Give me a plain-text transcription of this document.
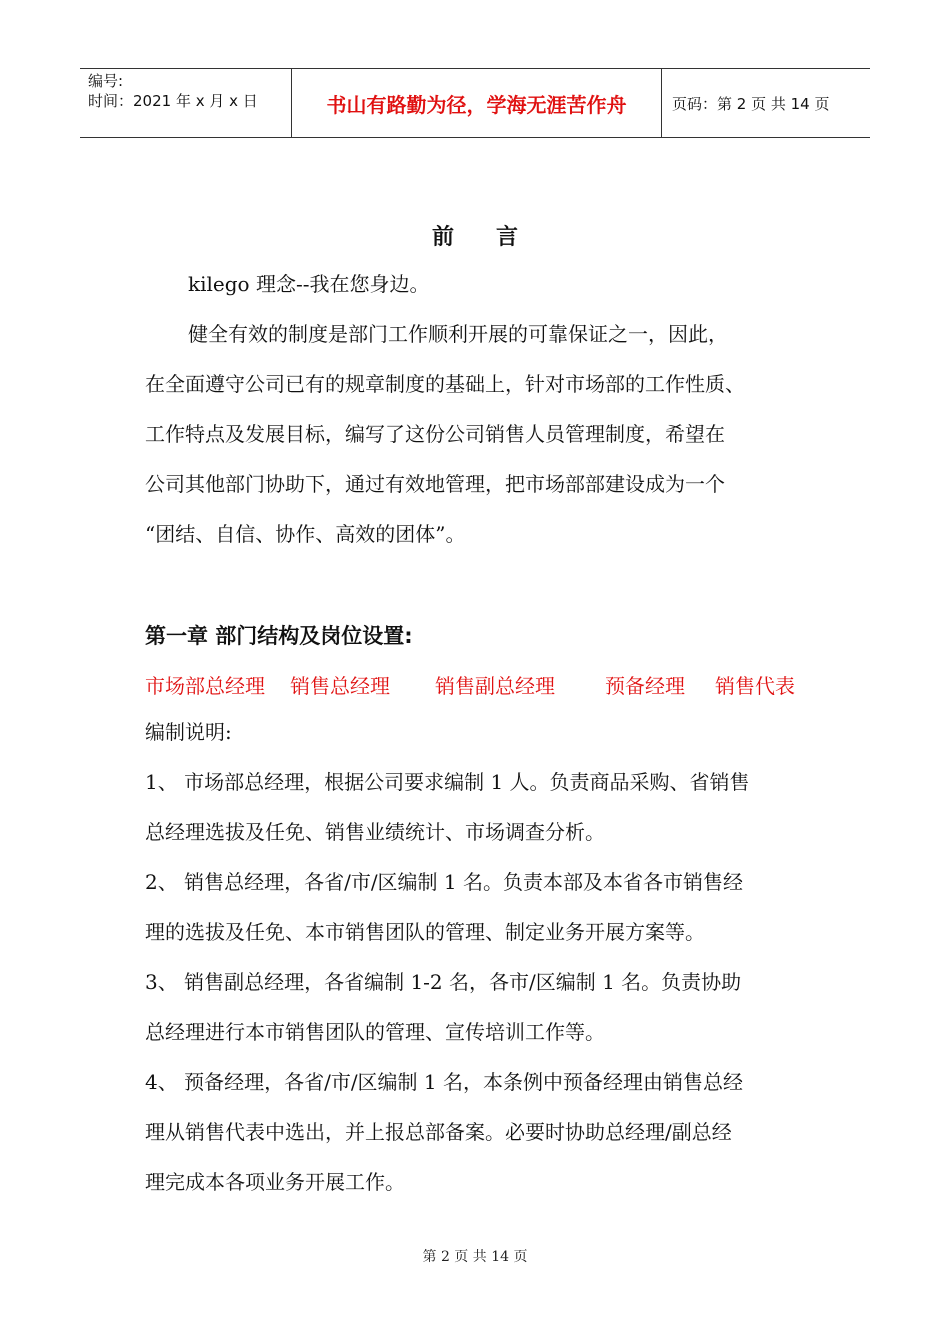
编号:
时间：2021 年 x 月 x 日	书山有路勤为径，学海无涯苦作舟	页码：第 2 页 共 14 页
前言
kilego 理念--我在您身边。
健全有效的制度是部门工作顺利开展的可靠保证之一，因此，
在全面遵守公司已有的规章制度的基础上，针对市场部的工作性质、
工作特点及发展目标，编写了这份公司销售人员管理制度，希望在
公司其他部门协助下，通过有效地管理，把市场部部建设成为一个
“团结、自信、协作、高效的团体”。
第一章 部门结构及岗位设置:
市场部总经理 销售总经理 销售副总经理	预备经理 销售代表
编制说明:
1、 市场部总经理，根据公司要求编制 1 人。负责商品采购、省销售
总经理选拔及任免、销售业绩统计、市场调查分析。
2、 销售总经理，各省/市/区编制 1 名。负责本部及本省各市销售经
理的选拔及任免、本市销售团队的管理、制定业务开展方案等。
3、 销售副总经理，各省编制 1-2 名，各市/区编制 1 名。负责协助
总经理进行本市销售团队的管理、宣传培训工作等。
4、 预备经理，各省/市/区编制 1 名，本条例中预备经理由销售总经
理从销售代表中选出，并上报总部备案。必要时协助总经理/副总经
理完成本各项业务开展工作。
第 2 页 共 14 页
